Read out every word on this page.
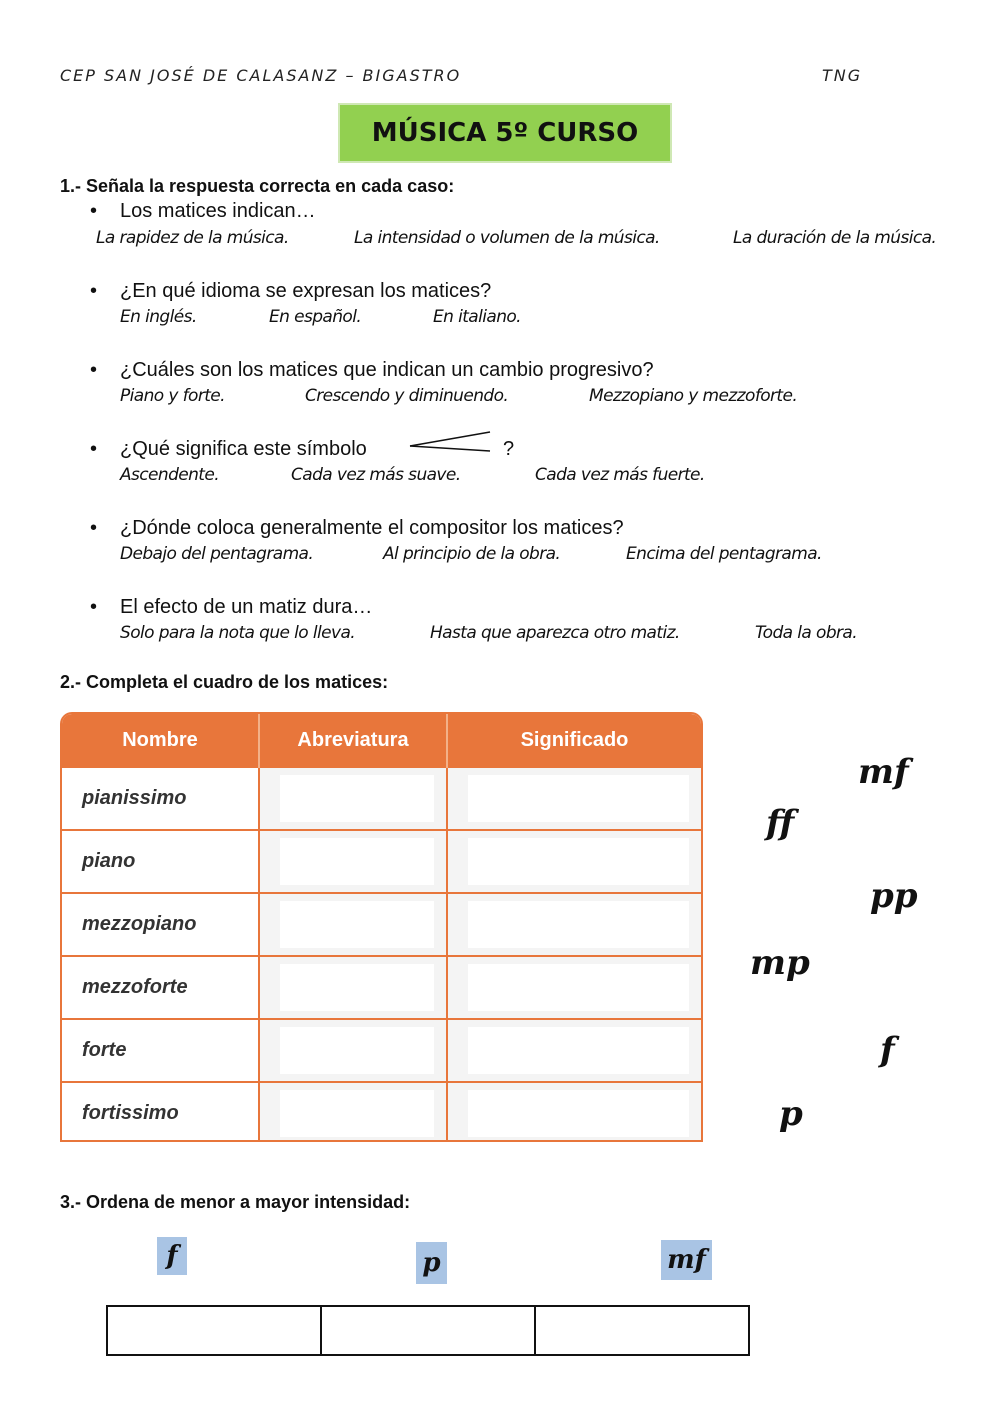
CEP SAN JOSÉ DE CALASANZ – BIGASTRO	TNG
MÚSICA 5º CURSO
1.- Señala la respuesta correcta en cada caso:
• Los matices indican…
La rapidez de la música.	La intensidad o volumen de la música.	La duración de la música.
• ¿En qué idioma se expresan los matices?
En inglés.	En español.	En italiano.
• ¿Cuáles son los matices que indican un cambio progresivo?
Piano y forte.	Crescendo y diminuendo.	Mezzopiano y mezzoforte.
• ¿Qué significa este símbolo	?
Ascendente.	Cada vez más suave.	Cada vez más fuerte.
• ¿Dónde coloca generalmente el compositor los matices?
Debajo del pentagrama.	Al principio de la obra.	Encima del pentagrama.
• El efecto de un matiz dura…
Solo para la nota que lo lleva.	Hasta que aparezca otro matiz.	Toda la obra.
2.- Completa el cuadro de los matices:
Nombre	Abreviatura	Significado
pianissimo	

piano	

mezzopiano	

mezzoforte	

forte	

fortissimo	

mf
ff
pp
mp
f
p
3.- Ordena de menor a mayor intensidad:
f	p	mf
